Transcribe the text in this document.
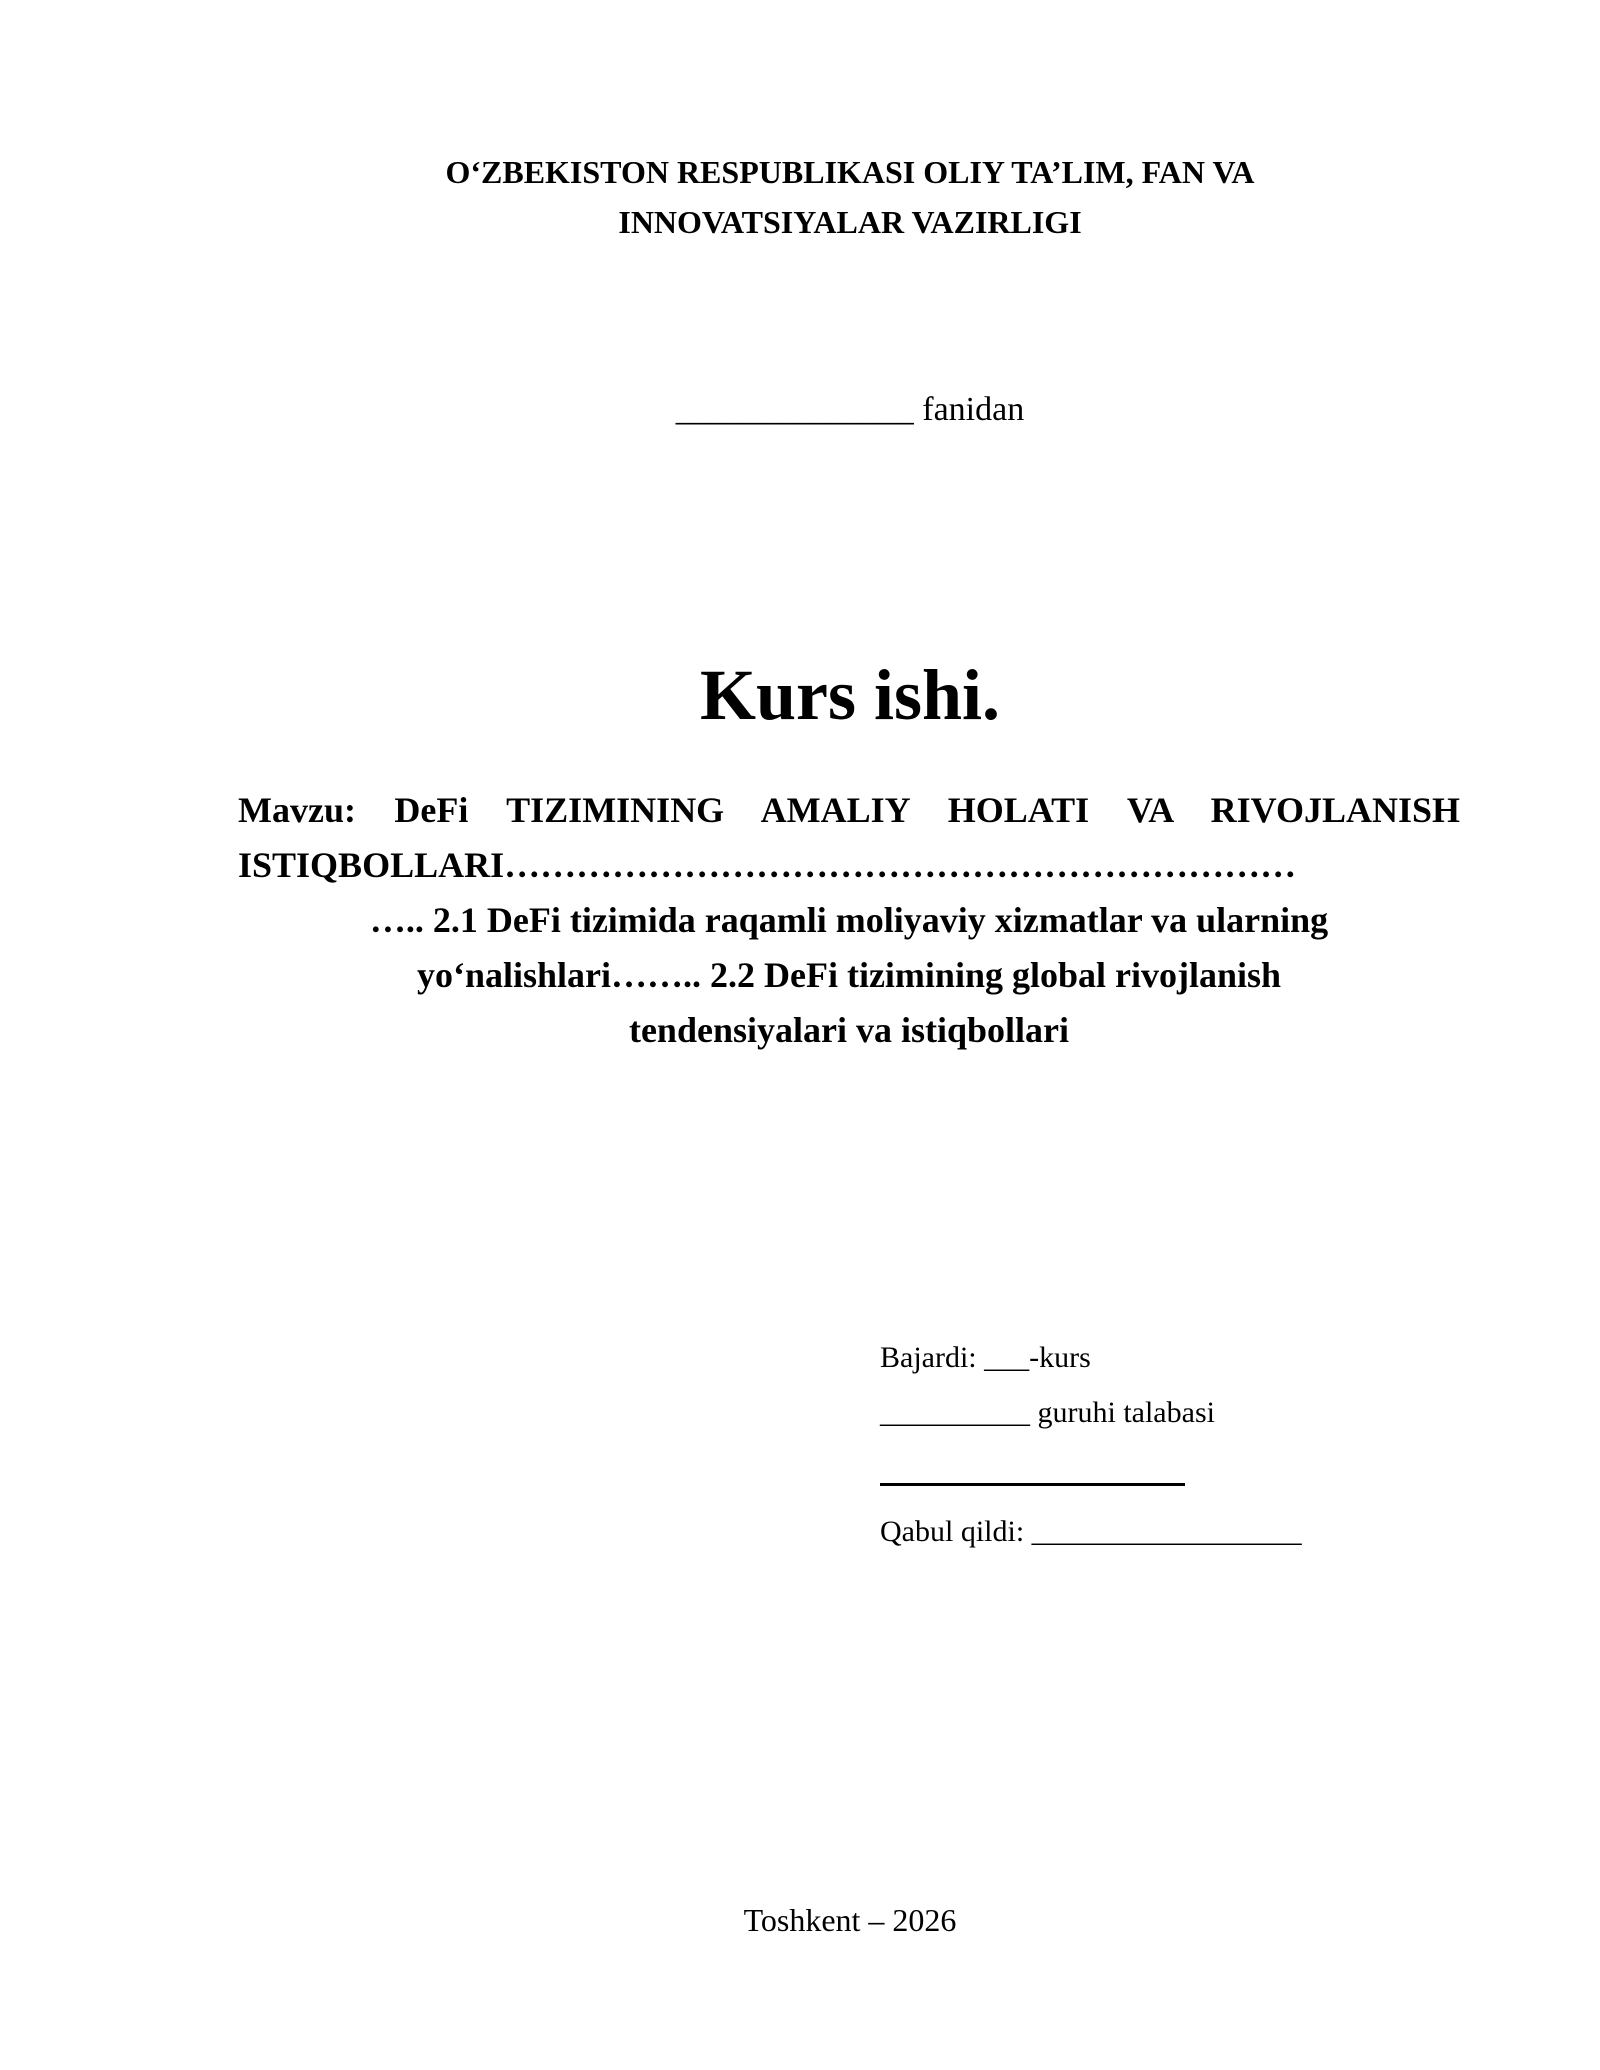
O‘ZBEKISTON RESPUBLIKASI OLIY TA’LIM, FAN VA
INNOVATSIYALAR VAZIRLIGI
______________ fanidan
Kurs ishi.
Mavzu: DeFi TIZIMINING AMALIY HOLATI VA RIVOJLANISH
ISTIQBOLLARI…………………………………………………………
….. 2.1 DeFi tizimida raqamli moliyaviy xizmatlar va ularning
yo‘nalishlari…….. 2.2 DeFi tizimining global rivojlanish
tendensiyalari va istiqbollari
Bajardi: ___-kurs
__________ guruhi talabasi
Qabul qildi: __________________
Toshkent – 2026
